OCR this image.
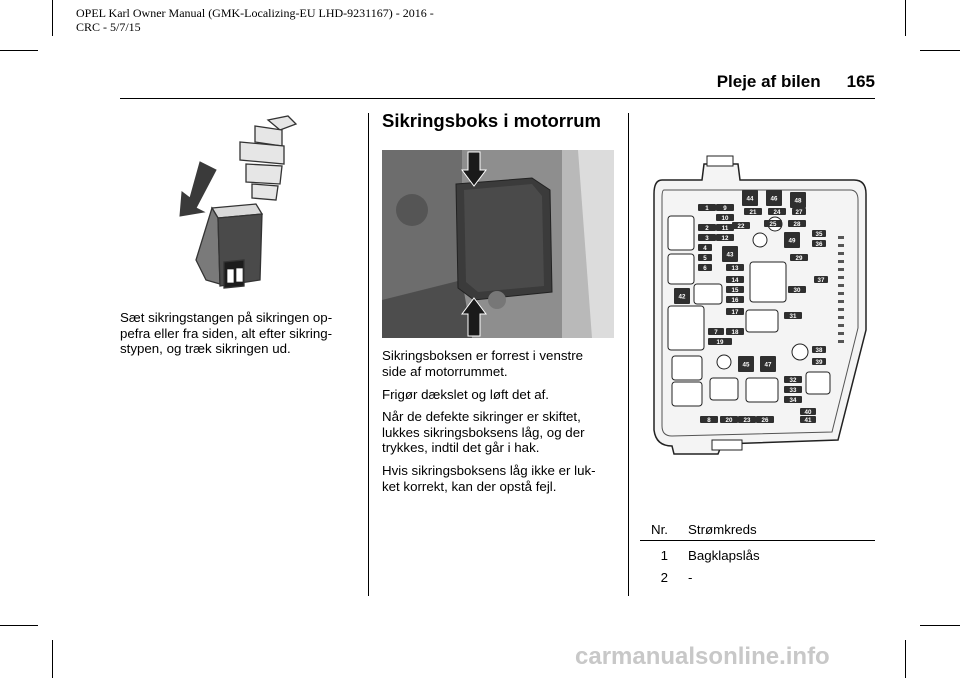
OPEL Karl Owner Manual (GMK-Localizing-EU LHD-9231167) - 2016 -
CRC - 5/7/15
Pleje af bilen 165
Sæt sikringstangen på sikringen op-
pefra eller fra siden, alt efter sikring-
stypen, og træk sikringen ud.
Sikringsboks i motorrum
Sikringsboksen er forrest i venstre
side af motorrummet.
Frigør dækslet og løft det af.
Når de defekte sikringer er skiftet,
lukkes sikringsboksens låg, og der
trykkes, indtil det går i hak.
Hvis sikringsboksens låg ikke er luk-
ket korrekt, kan der opstå fejl.
1 9
2 11
3 12
10
4
5
6	13
14
15
16
17
7 18
19
21
22
24 27
25	28
35
36
29
37
30
31
38
39
32
33
34
40
41
8 20 23 26
44	46	48
49
43
42
45 47
Nr. Strømkreds
1 Bagklapslås
2 -
carmanualsonline.info
